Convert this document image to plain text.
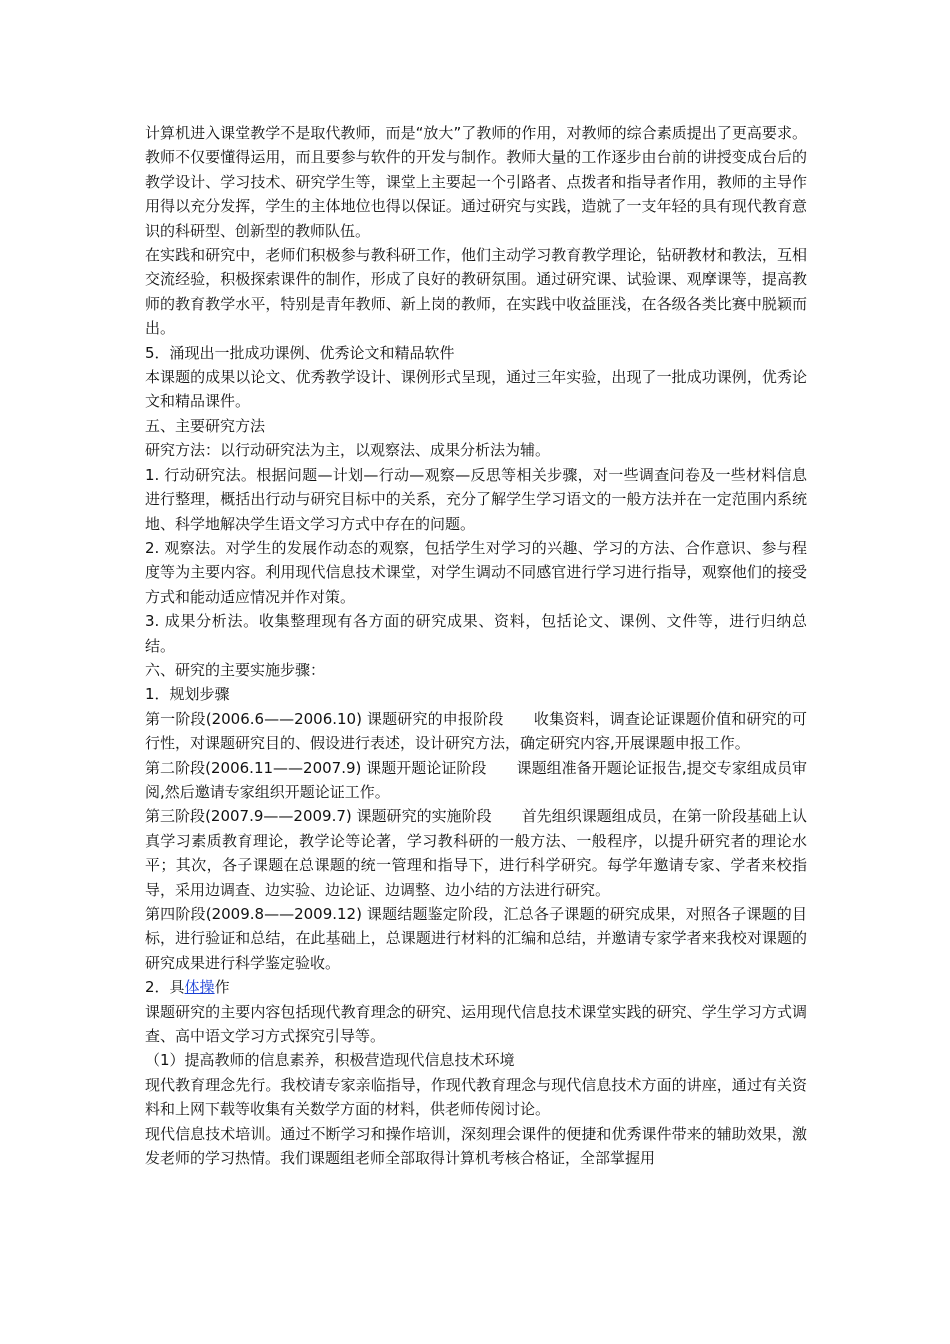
计算机进入课堂教学不是取代教师，而是“放大”了教师的作用，对教师的综合素质提出了更高要求。教师不仅要懂得运用，而且要参与软件的开发与制作。教师大量的工作逐步由台前的讲授变成台后的教学设计、学习技术、研究学生等，课堂上主要起一个引路者、点拨者和指导者作用，教师的主导作用得以充分发挥，学生的主体地位也得以保证。通过研究与实践，造就了一支年轻的具有现代教育意识的科研型、创新型的教师队伍。

在实践和研究中，老师们积极参与教科研工作，他们主动学习教育教学理论，钻研教材和教法，互相交流经验，积极探索课件的制作，形成了良好的教研氛围。通过研究课、试验课、观摩课等，提高教师的教育教学水平，特别是青年教师、新上岗的教师，在实践中收益匪浅，在各级各类比赛中脱颖而出。

5．涌现出一批成功课例、优秀论文和精品软件

本课题的成果以论文、优秀教学设计、课例形式呈现，通过三年实验，出现了一批成功课例，优秀论文和精品课件。

五、主要研究方法

研究方法：以行动研究法为主，以观察法、成果分析法为辅。

1. 行动研究法。根据问题—计划—行动—观察—反思等相关步骤，对一些调查问卷及一些材料信息进行整理，概括出行动与研究目标中的关系，充分了解学生学习语文的一般方法并在一定范围内系统地、科学地解决学生语文学习方式中存在的问题。

2. 观察法。对学生的发展作动态的观察，包括学生对学习的兴趣、学习的方法、合作意识、参与程度等为主要内容。利用现代信息技术课堂，对学生调动不同感官进行学习进行指导，观察他们的接受方式和能动适应情况并作对策。

3. 成果分析法。收集整理现有各方面的研究成果、资料，包括论文、课例、文件等，进行归纳总结。

六、研究的主要实施步骤：

1．规划步骤

第一阶段(2006.6——2006.10) 课题研究的申报阶段　　收集资料，调查论证课题价值和研究的可行性，对课题研究目的、假设进行表述，设计研究方法，确定研究内容,开展课题申报工作。

第二阶段(2006.11——2007.9) 课题开题论证阶段　　课题组准备开题论证报告,提交专家组成员审阅,然后邀请专家组织开题论证工作。

第三阶段(2007.9——2009.7) 课题研究的实施阶段　　首先组织课题组成员，在第一阶段基础上认真学习素质教育理论，教学论等论著，学习教科研的一般方法、一般程序，以提升研究者的理论水平；其次，各子课题在总课题的统一管理和指导下，进行科学研究。每学年邀请专家、学者来校指导，采用边调查、边实验、边论证、边调整、边小结的方法进行研究。

第四阶段(2009.8——2009.12) 课题结题鉴定阶段，汇总各子课题的研究成果，对照各子课题的目标，进行验证和总结，在此基础上，总课题进行材料的汇编和总结，并邀请专家学者来我校对课题的研究成果进行科学鉴定验收。

2．具体操作

课题研究的主要内容包括现代教育理念的研究、运用现代信息技术课堂实践的研究、学生学习方式调查、高中语文学习方式探究引导等。

（1）提高教师的信息素养，积极营造现代信息技术环境

现代教育理念先行。我校请专家亲临指导，作现代教育理念与现代信息技术方面的讲座，通过有关资料和上网下载等收集有关数学方面的材料，供老师传阅讨论。

现代信息技术培训。通过不断学习和操作培训，深刻理会课件的便捷和优秀课件带来的辅助效果，激发老师的学习热情。我们课题组老师全部取得计算机考核合格证，全部掌握用
